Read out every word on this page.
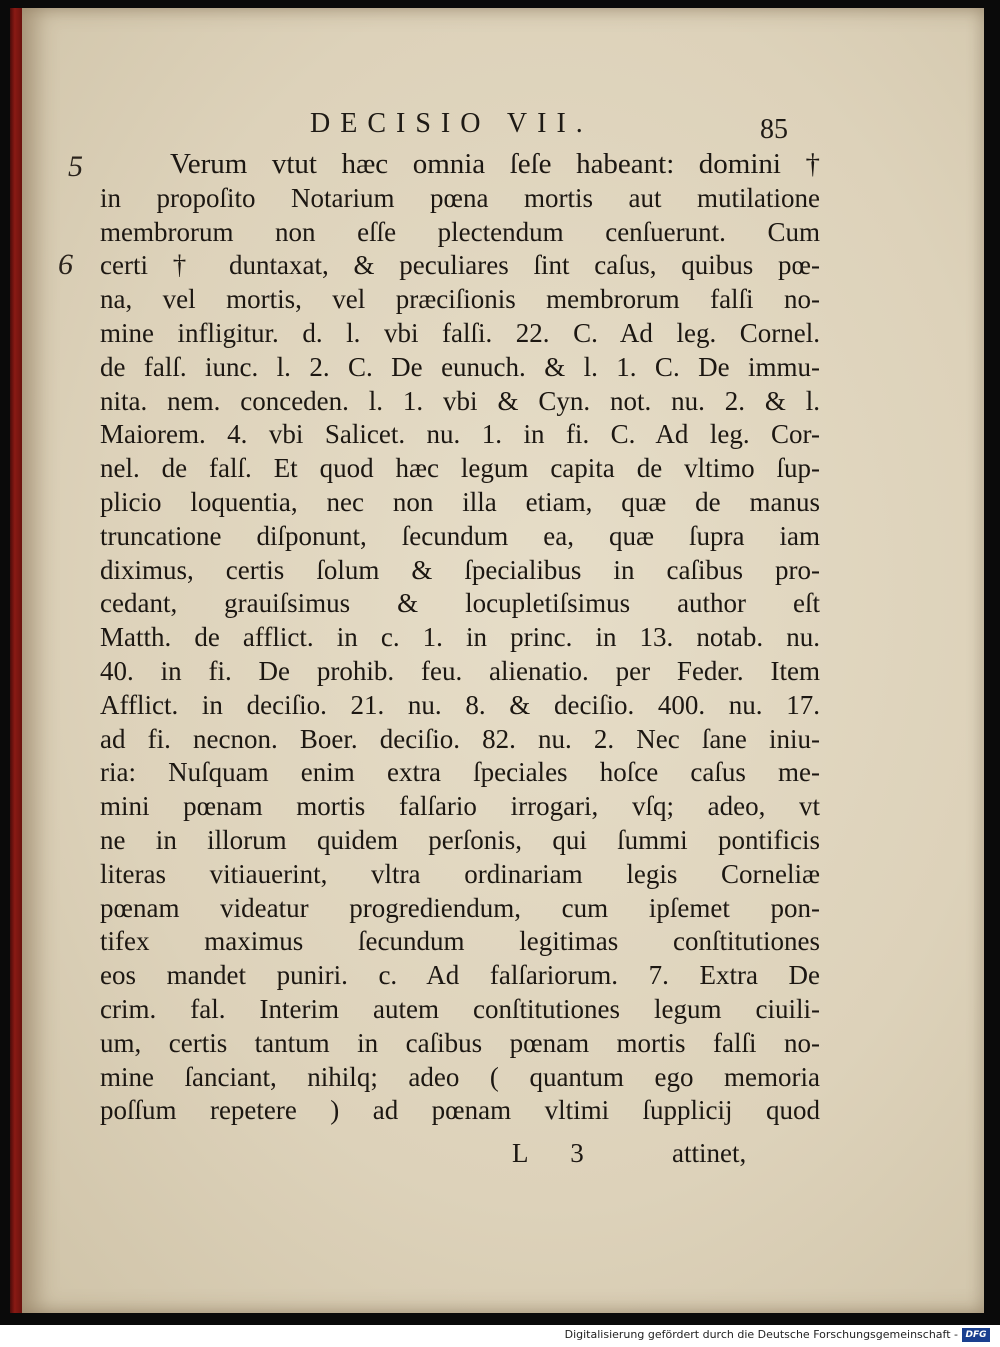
DECISIO VII.	85
5
6
Verum vtut hæc omnia ſeſe habeant: domini †
in propoſito Notarium pœna mortis aut mutilatione
membrorum non eſſe plectendum cenſuerunt. Cum
certi † duntaxat, & peculiares ſint caſus, quibus pœ-
na, vel mortis, vel præciſionis membrorum falſi no-
mine infligitur. d. l. vbi falſi. 22. C. Ad leg. Cornel.
de falſ. iunc. l. 2. C. De eunuch. & l. 1. C. De immu-
nita. nem. conceden. l. 1. vbi & Cyn. not. nu. 2. & l.
Maiorem. 4. vbi Salicet. nu. 1. in fi. C. Ad leg. Cor-
nel. de falſ. Et quod hæc legum capita de vltimo ſup-
plicio loquentia, nec non illa etiam, quæ de manus
truncatione diſponunt, ſecundum ea, quæ ſupra iam
diximus, certis ſolum & ſpecialibus in caſibus pro-
cedant, grauiſsimus & locupletiſsimus author eſt
Matth. de afflict. in c. 1. in princ. in 13. notab. nu.
40. in fi. De prohib. feu. alienatio. per Feder. Item
Afflict. in deciſio. 21. nu. 8. & deciſio. 400. nu. 17.
ad fi. necnon. Boer. deciſio. 82. nu. 2. Nec ſane iniu-
ria: Nuſquam enim extra ſpeciales hoſce caſus me-
mini pœnam mortis falſario irrogari, vſq; adeo, vt
ne in illorum quidem perſonis, qui ſummi pontificis
literas vitiauerint, vltra ordinariam legis Corneliæ
pœnam videatur progrediendum, cum ipſemet pon-
tifex maximus ſecundum legitimas conſtitutiones
eos mandet puniri. c. Ad falſariorum. 7. Extra De
crim. fal. Interim autem conſtitutiones legum ciuili-
um, certis tantum in caſibus pœnam mortis falſi no-
mine ſanciant, nihilq; adeo ( quantum ego memoria
poſſum repetere ) ad pœnam vltimi ſupplicij quod
L 3	attinet,
Digitalisierung gefördert durch die Deutsche Forschungsgemeinschaft - DFG
